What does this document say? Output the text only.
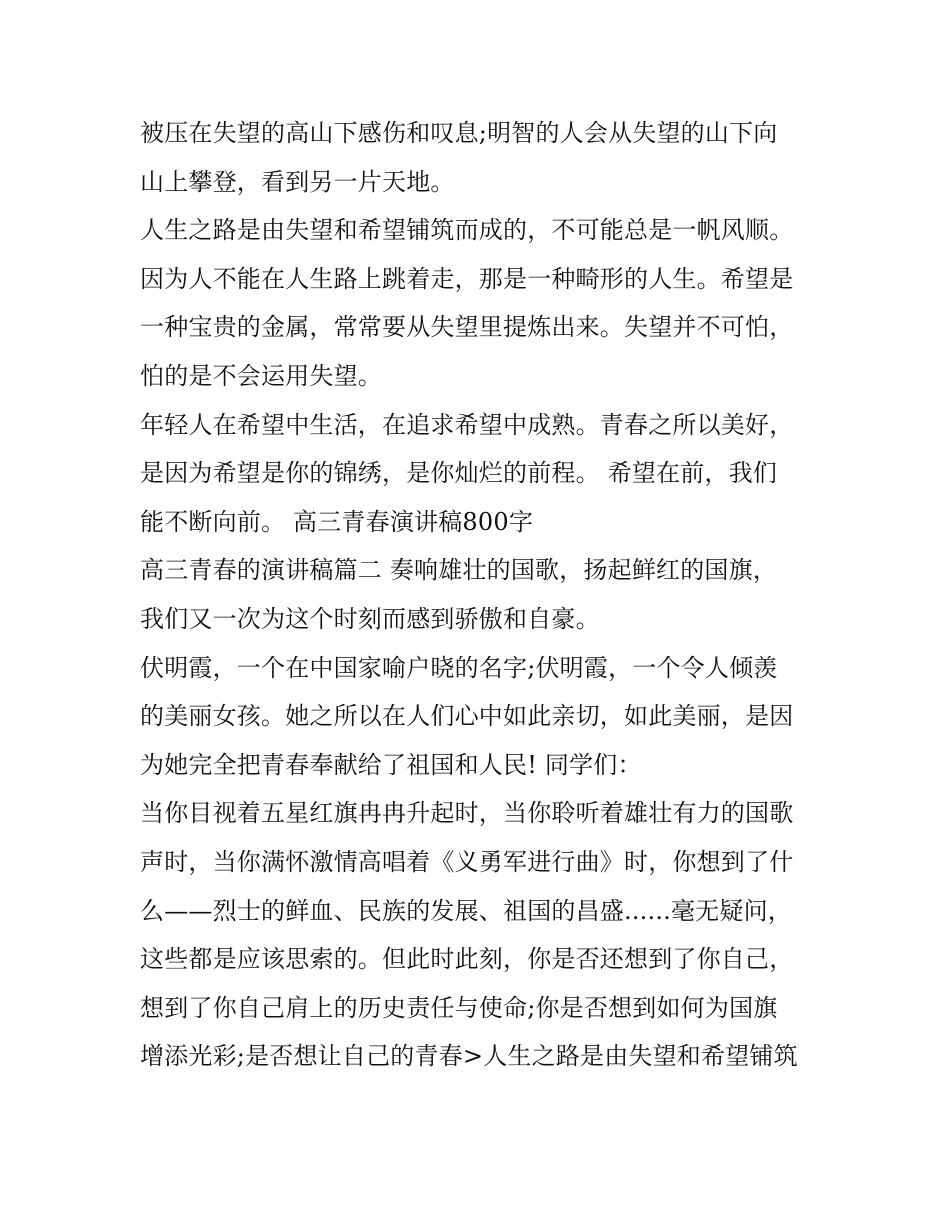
被压在失望的高山下感伤和叹息;明智的人会从失望的山下向
山上攀登，看到另一片天地。
人生之路是由失望和希望铺筑而成的，不可能总是一帆风顺。
因为人不能在人生路上跳着走，那是一种畸形的人生。希望是
一种宝贵的金属，常常要从失望里提炼出来。失望并不可怕，
怕的是不会运用失望。
年轻人在希望中生活，在追求希望中成熟。青春之所以美好，
是因为希望是你的锦绣，是你灿烂的前程。 希望在前，我们
能不断向前。 高三青春演讲稿800字
高三青春的演讲稿篇二 奏响雄壮的国歌，扬起鲜红的国旗，
我们又一次为这个时刻而感到骄傲和自豪。
伏明霞，一个在中国家喻户晓的名字;伏明霞，一个令人倾羡
的美丽女孩。她之所以在人们心中如此亲切，如此美丽，是因
为她完全把青春奉献给了祖国和人民! 同学们：
当你目视着五星红旗冉冉升起时，当你聆听着雄壮有力的国歌
声时，当你满怀激情高唱着《义勇军进行曲》时，你想到了什
么——烈士的鲜血、民族的发展、祖国的昌盛......毫无疑问，
这些都是应该思索的。但此时此刻，你是否还想到了你自己，
想到了你自己肩上的历史责任与使命;你是否想到如何为国旗
增添光彩;是否想让自己的青春>人生之路是由失望和希望铺筑
